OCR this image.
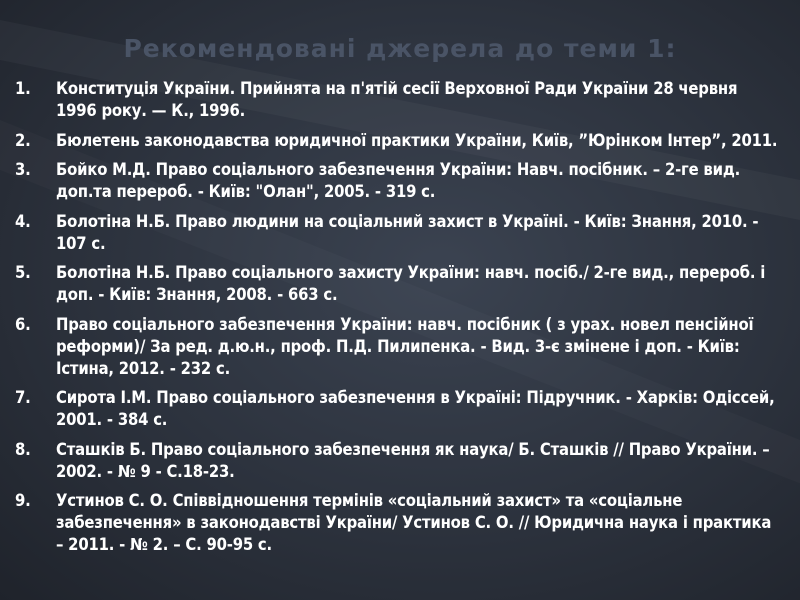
Рекомендовані джерела до теми 1:
1.	Конституція України. Прийнята на п'ятій сесії Верховної Ради України 28 червня 1996 року. — К., 1996.
2.	Бюлетень законодавства юридичної практики України, Київ, ”Юрінком Інтер”, 2011.
3.	Бойко М.Д. Право соціального забезпечення України: Навч. посібник. – 2-ге вид. доп.та перероб. - Київ: "Олан", 2005. - 319 с.
4.	Болотіна Н.Б. Право людини на соціальний захист в Україні. - Київ: Знання, 2010. - 107 с.
5.	Болотіна Н.Б. Право соціального захисту України: навч. посіб./ 2-ге вид., перероб. і доп. - Київ: Знання, 2008. - 663 с.
6.	Право соціального забезпечення України: навч. посібник ( з урах. новел пенсійної реформи)/ За ред. д.ю.н., проф. П.Д. Пилипенка. - Вид. 3-є змінене і доп. - Київ: Істина, 2012. - 232 с.
7.	Сирота І.М. Право соціального забезпечення в Україні: Підручник. - Харків: Одіссей, 2001. - 384 с.
8.	Сташків Б. Право соціального забезпечення як наука/ Б. Сташків // Право України. – 2002. - № 9 - С.18-23.
9.	Устинов С. О. Співвідношення термінів «соціальний захист» та «соціальне забезпечення» в законодавстві України/ Устинов С. О. // Юридична наука і практика – 2011. - № 2. – С. 90-95 с.
